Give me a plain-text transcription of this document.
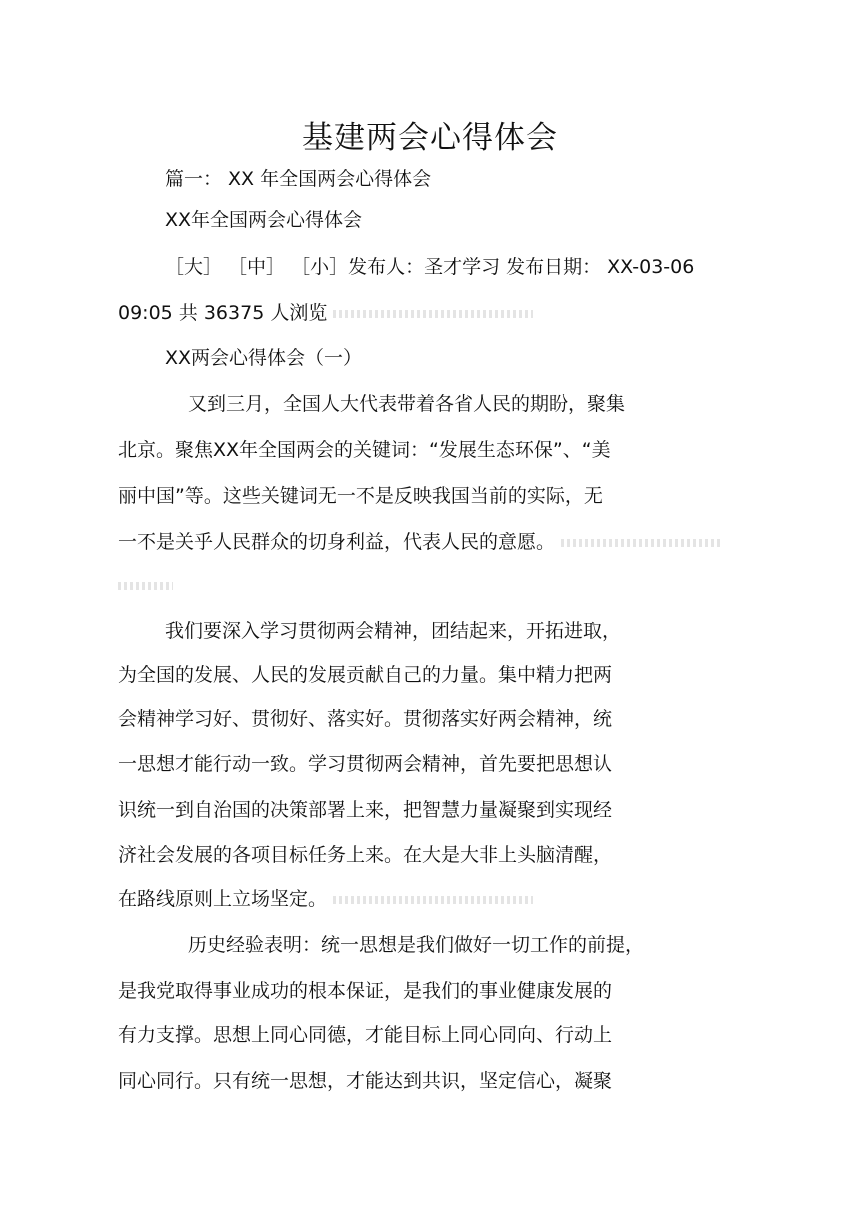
基建两会心得体会
篇一： XX 年全国两会心得体会
XX年全国两会心得体会
［大］ ［中］ ［小］发布人：圣才学习 发布日期： XX-03-06
09:05 共 36375 人浏览
XX两会心得体会（一）
又到三月，全国人大代表带着各省人民的期盼，聚集
北京。聚焦XX年全国两会的关键词：“发展生态环保”、“美
丽中国”等。这些关键词无一不是反映我国当前的实际，无
一不是关乎人民群众的切身利益，代表人民的意愿。
我们要深入学习贯彻两会精神，团结起来，开拓进取，
为全国的发展、人民的发展贡献自己的力量。集中精力把两
会精神学习好、贯彻好、落实好。贯彻落实好两会精神，统
一思想才能行动一致。学习贯彻两会精神，首先要把思想认
识统一到自治国的决策部署上来，把智慧力量凝聚到实现经
济社会发展的各项目标任务上来。在大是大非上头脑清醒，
在路线原则上立场坚定。
历史经验表明：统一思想是我们做好一切工作的前提，
是我党取得事业成功的根本保证，是我们的事业健康发展的
有力支撑。思想上同心同德，才能目标上同心同向、行动上
同心同行。只有统一思想，才能达到共识，坚定信心，凝聚
